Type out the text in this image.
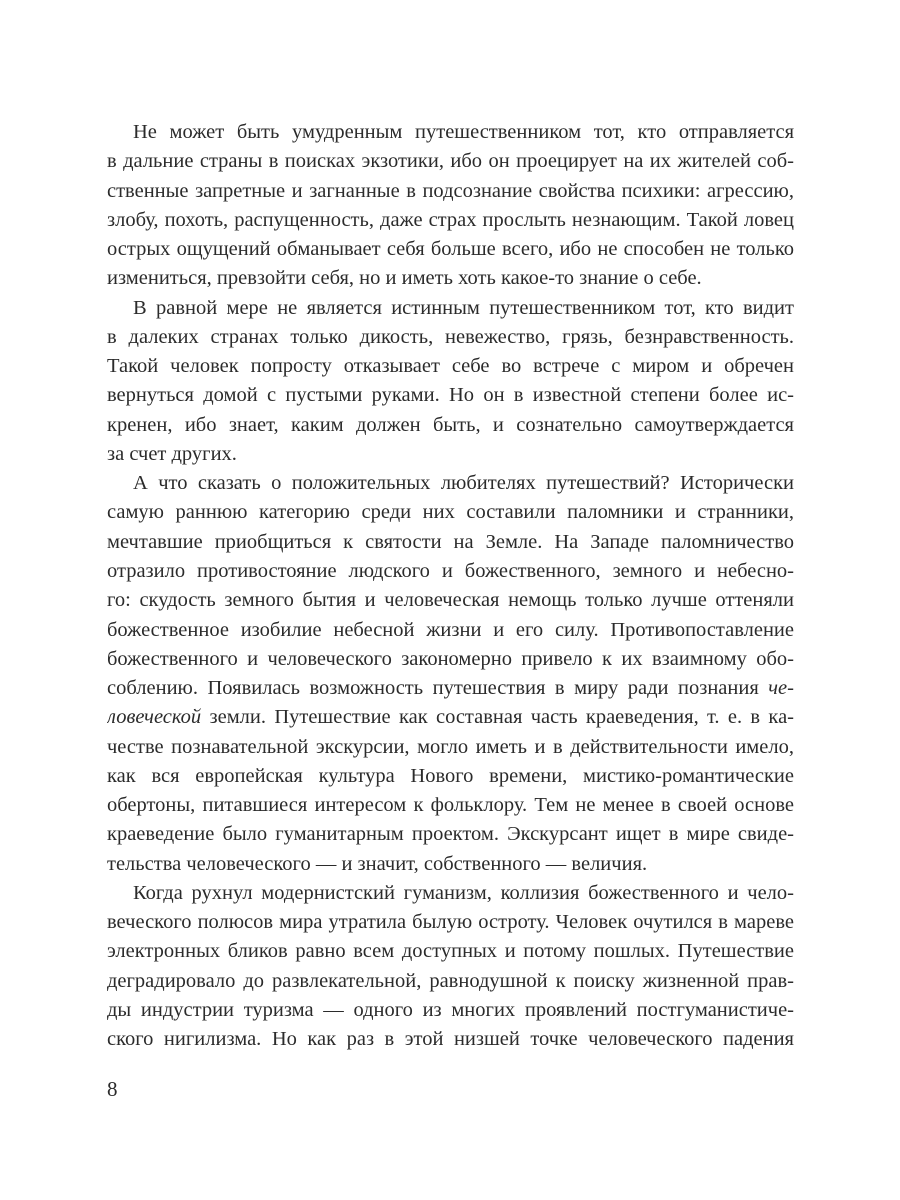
Не может быть умудренным путешественником тот, кто отправляется
в дальние страны в поисках экзотики, ибо он проецирует на их жителей соб-
ственные запретные и загнанные в подсознание свойства психики: агрессию,
злобу, похоть, распущенность, даже страх прослыть незнающим. Такой ловец
острых ощущений обманывает себя больше всего, ибо не способен не только
измениться, превзойти себя, но и иметь хоть какое-то знание о себе.
В равной мере не является истинным путешественником тот, кто видит
в далеких странах только дикость, невежество, грязь, безнравственность.
Такой человек попросту отказывает себе во встрече с миром и обречен
вернуться домой с пустыми руками. Но он в известной степени более ис-
кренен, ибо знает, каким должен быть, и сознательно самоутверждается
за счет других.
А что сказать о положительных любителях путешествий? Исторически
самую раннюю категорию среди них составили паломники и странники,
мечтавшие приобщиться к святости на Земле. На Западе паломничество
отразило противостояние людского и божественного, земного и небесно-
го: скудость земного бытия и человеческая немощь только лучше оттеняли
божественное изобилие небесной жизни и его силу. Противопоставление
божественного и человеческого закономерно привело к их взаимному обо-
соблению. Появилась возможность путешествия в миру ради познания че-
ловеческой земли. Путешествие как составная часть краеведения, т. е. в ка-
честве познавательной экскурсии, могло иметь и в действительности имело,
как вся европейская культура Нового времени, мистико-романтические
обертоны, питавшиеся интересом к фольклору. Тем не менее в своей основе
краеведение было гуманитарным проектом. Экскурсант ищет в мире свиде-
тельства человеческого — и значит, собственного — величия.
Когда рухнул модернистский гуманизм, коллизия божественного и чело-
веческого полюсов мира утратила былую остроту. Человек очутился в мареве
электронных бликов равно всем доступных и потому пошлых. Путешествие
деградировало до развлекательной, равнодушной к поиску жизненной прав-
ды индустрии туризма — одного из многих проявлений постгуманистиче-
ского нигилизма. Но как раз в этой низшей точке человеческого падения
8
